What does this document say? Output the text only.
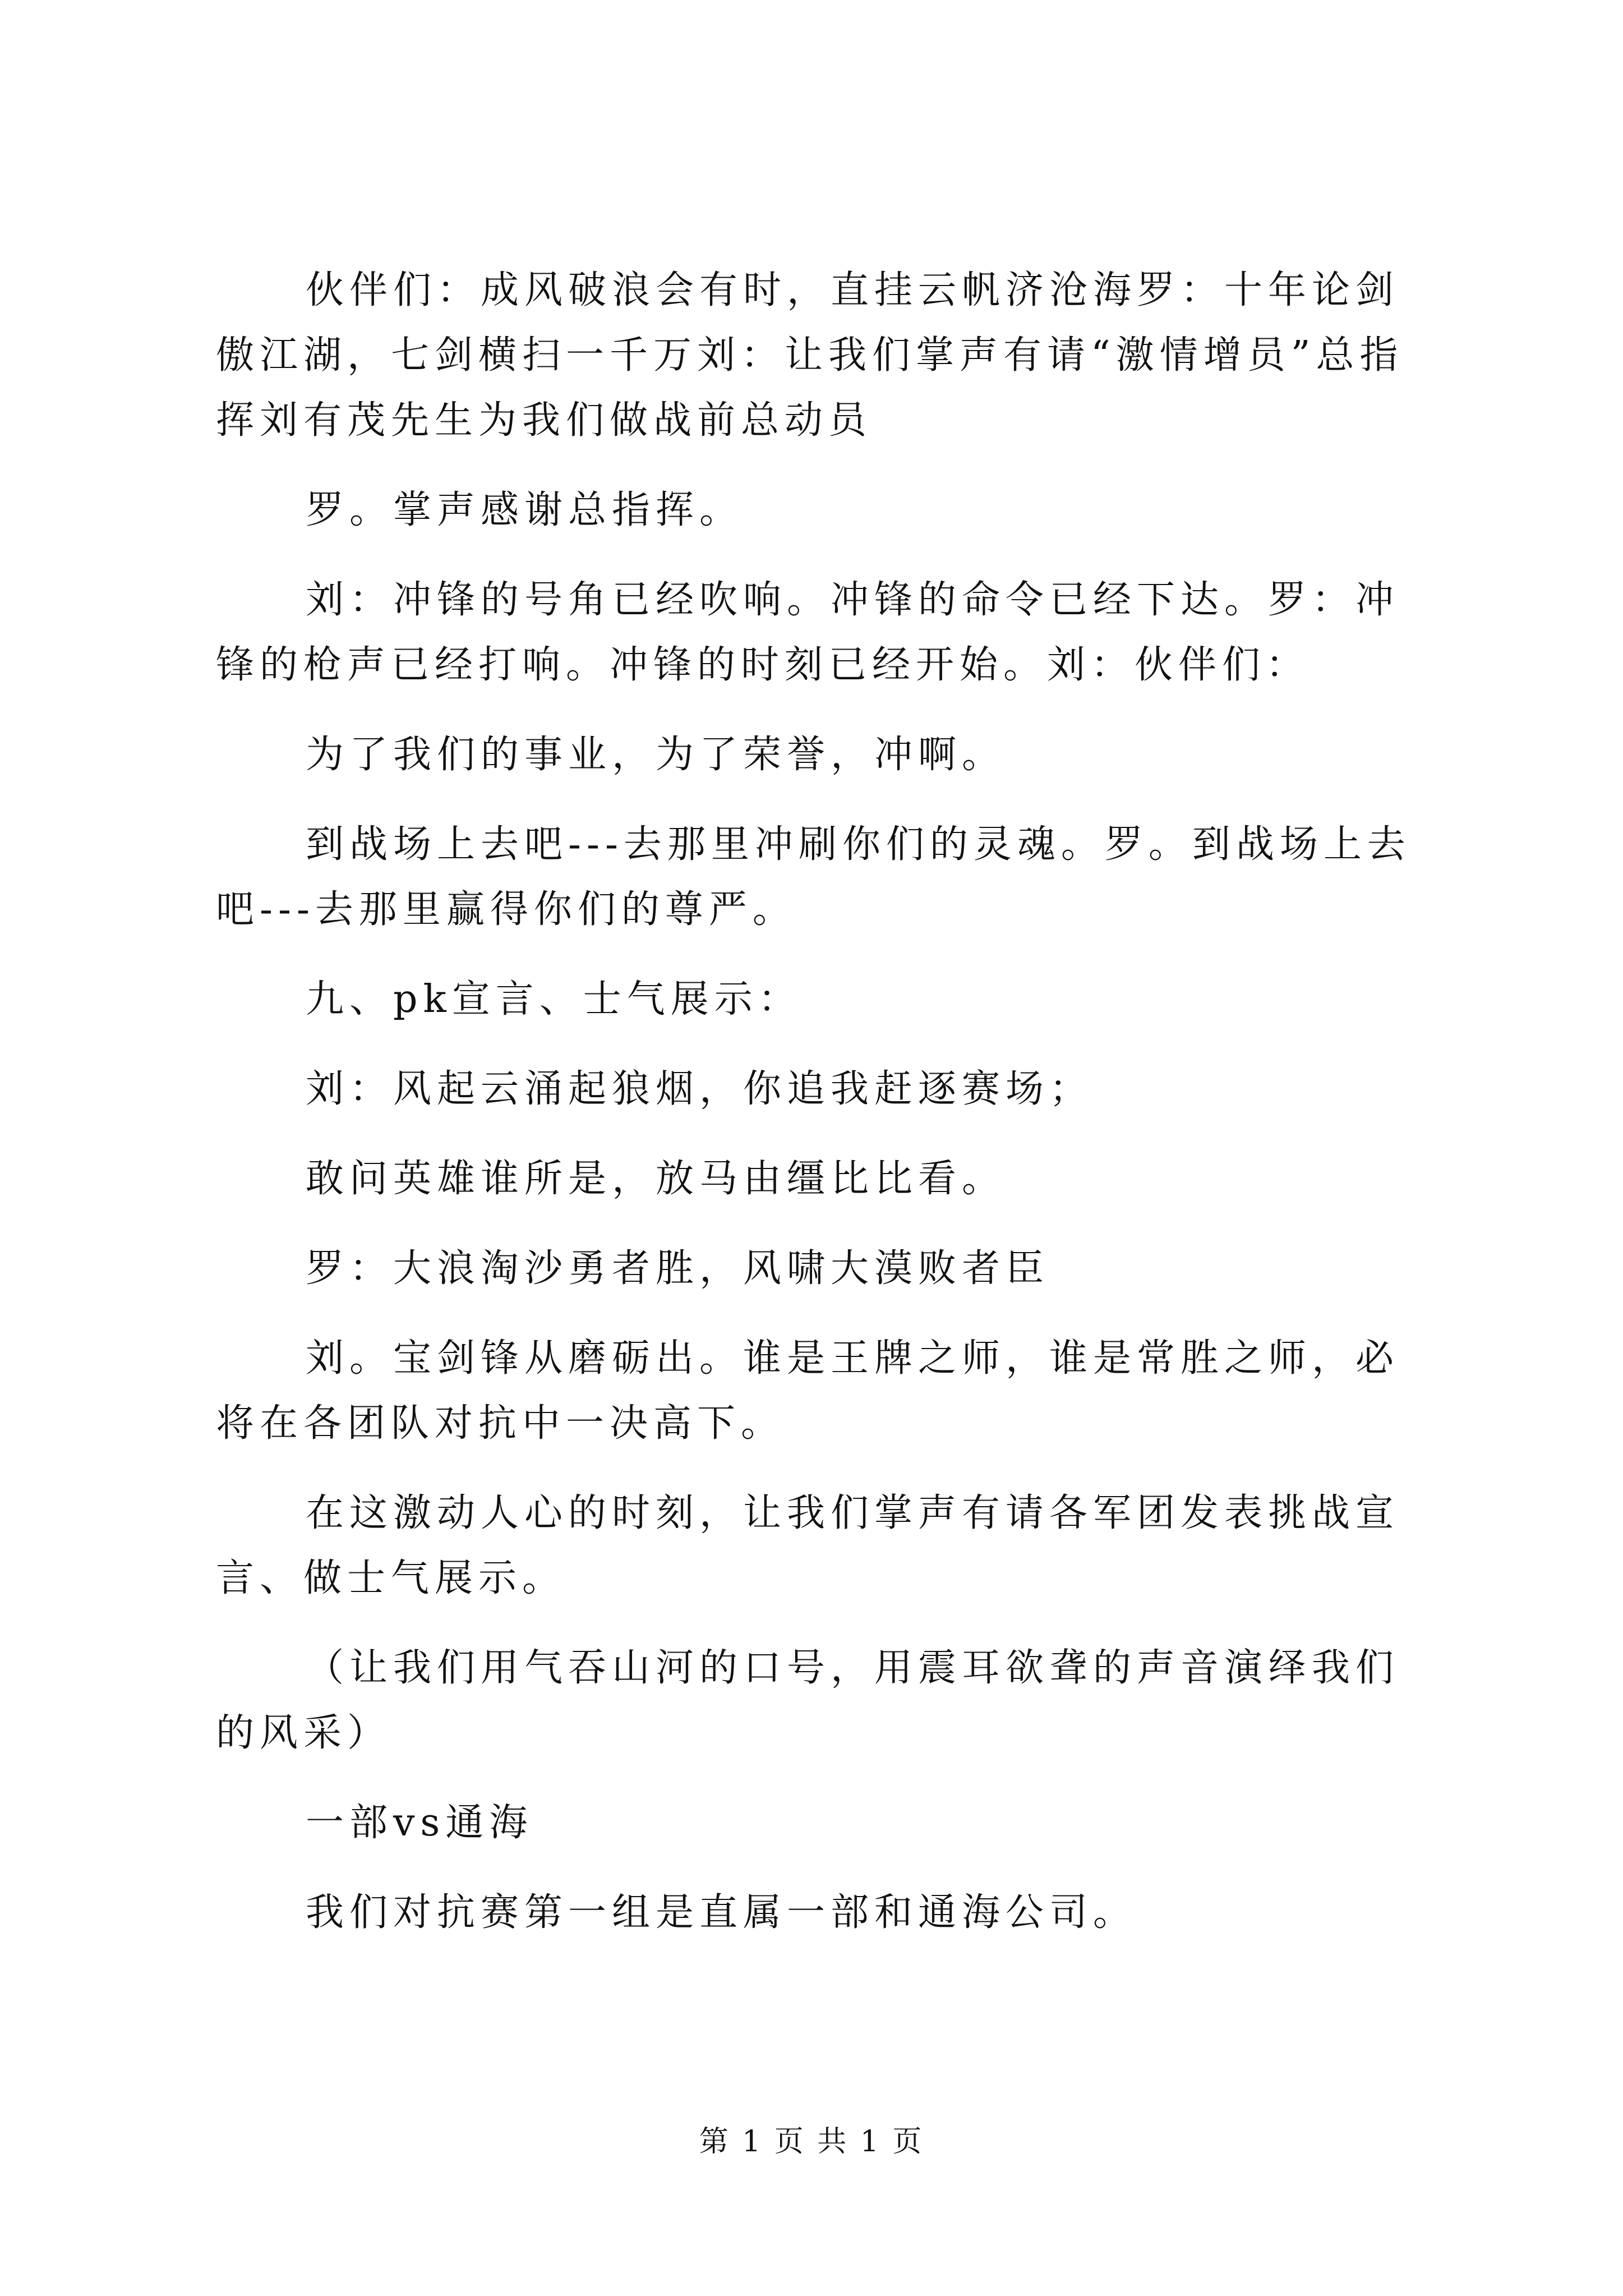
伙伴们：成风破浪会有时，直挂云帆济沧海罗：十年论剑傲江湖，七剑横扫一千万刘：让我们掌声有请“激情增员”总指挥刘有茂先生为我们做战前总动员

罗。掌声感谢总指挥。

刘：冲锋的号角已经吹响。冲锋的命令已经下达。罗：冲锋的枪声已经打响。冲锋的时刻已经开始。刘：伙伴们：

为了我们的事业，为了荣誉，冲啊。

到战场上去吧---去那里冲刷你们的灵魂。罗。到战场上去吧---去那里赢得你们的尊严。

九、pk宣言、士气展示：

刘：风起云涌起狼烟，你追我赶逐赛场；

敢问英雄谁所是，放马由缰比比看。

罗：大浪淘沙勇者胜，风啸大漠败者臣

刘。宝剑锋从磨砺出。谁是王牌之师，谁是常胜之师，必将在各团队对抗中一决高下。

在这激动人心的时刻，让我们掌声有请各军团发表挑战宣言、做士气展示。

（让我们用气吞山河的口号，用震耳欲聋的声音演绎我们的风采）

一部vs通海

我们对抗赛第一组是直属一部和通海公司。

第 1 页 共 1 页
